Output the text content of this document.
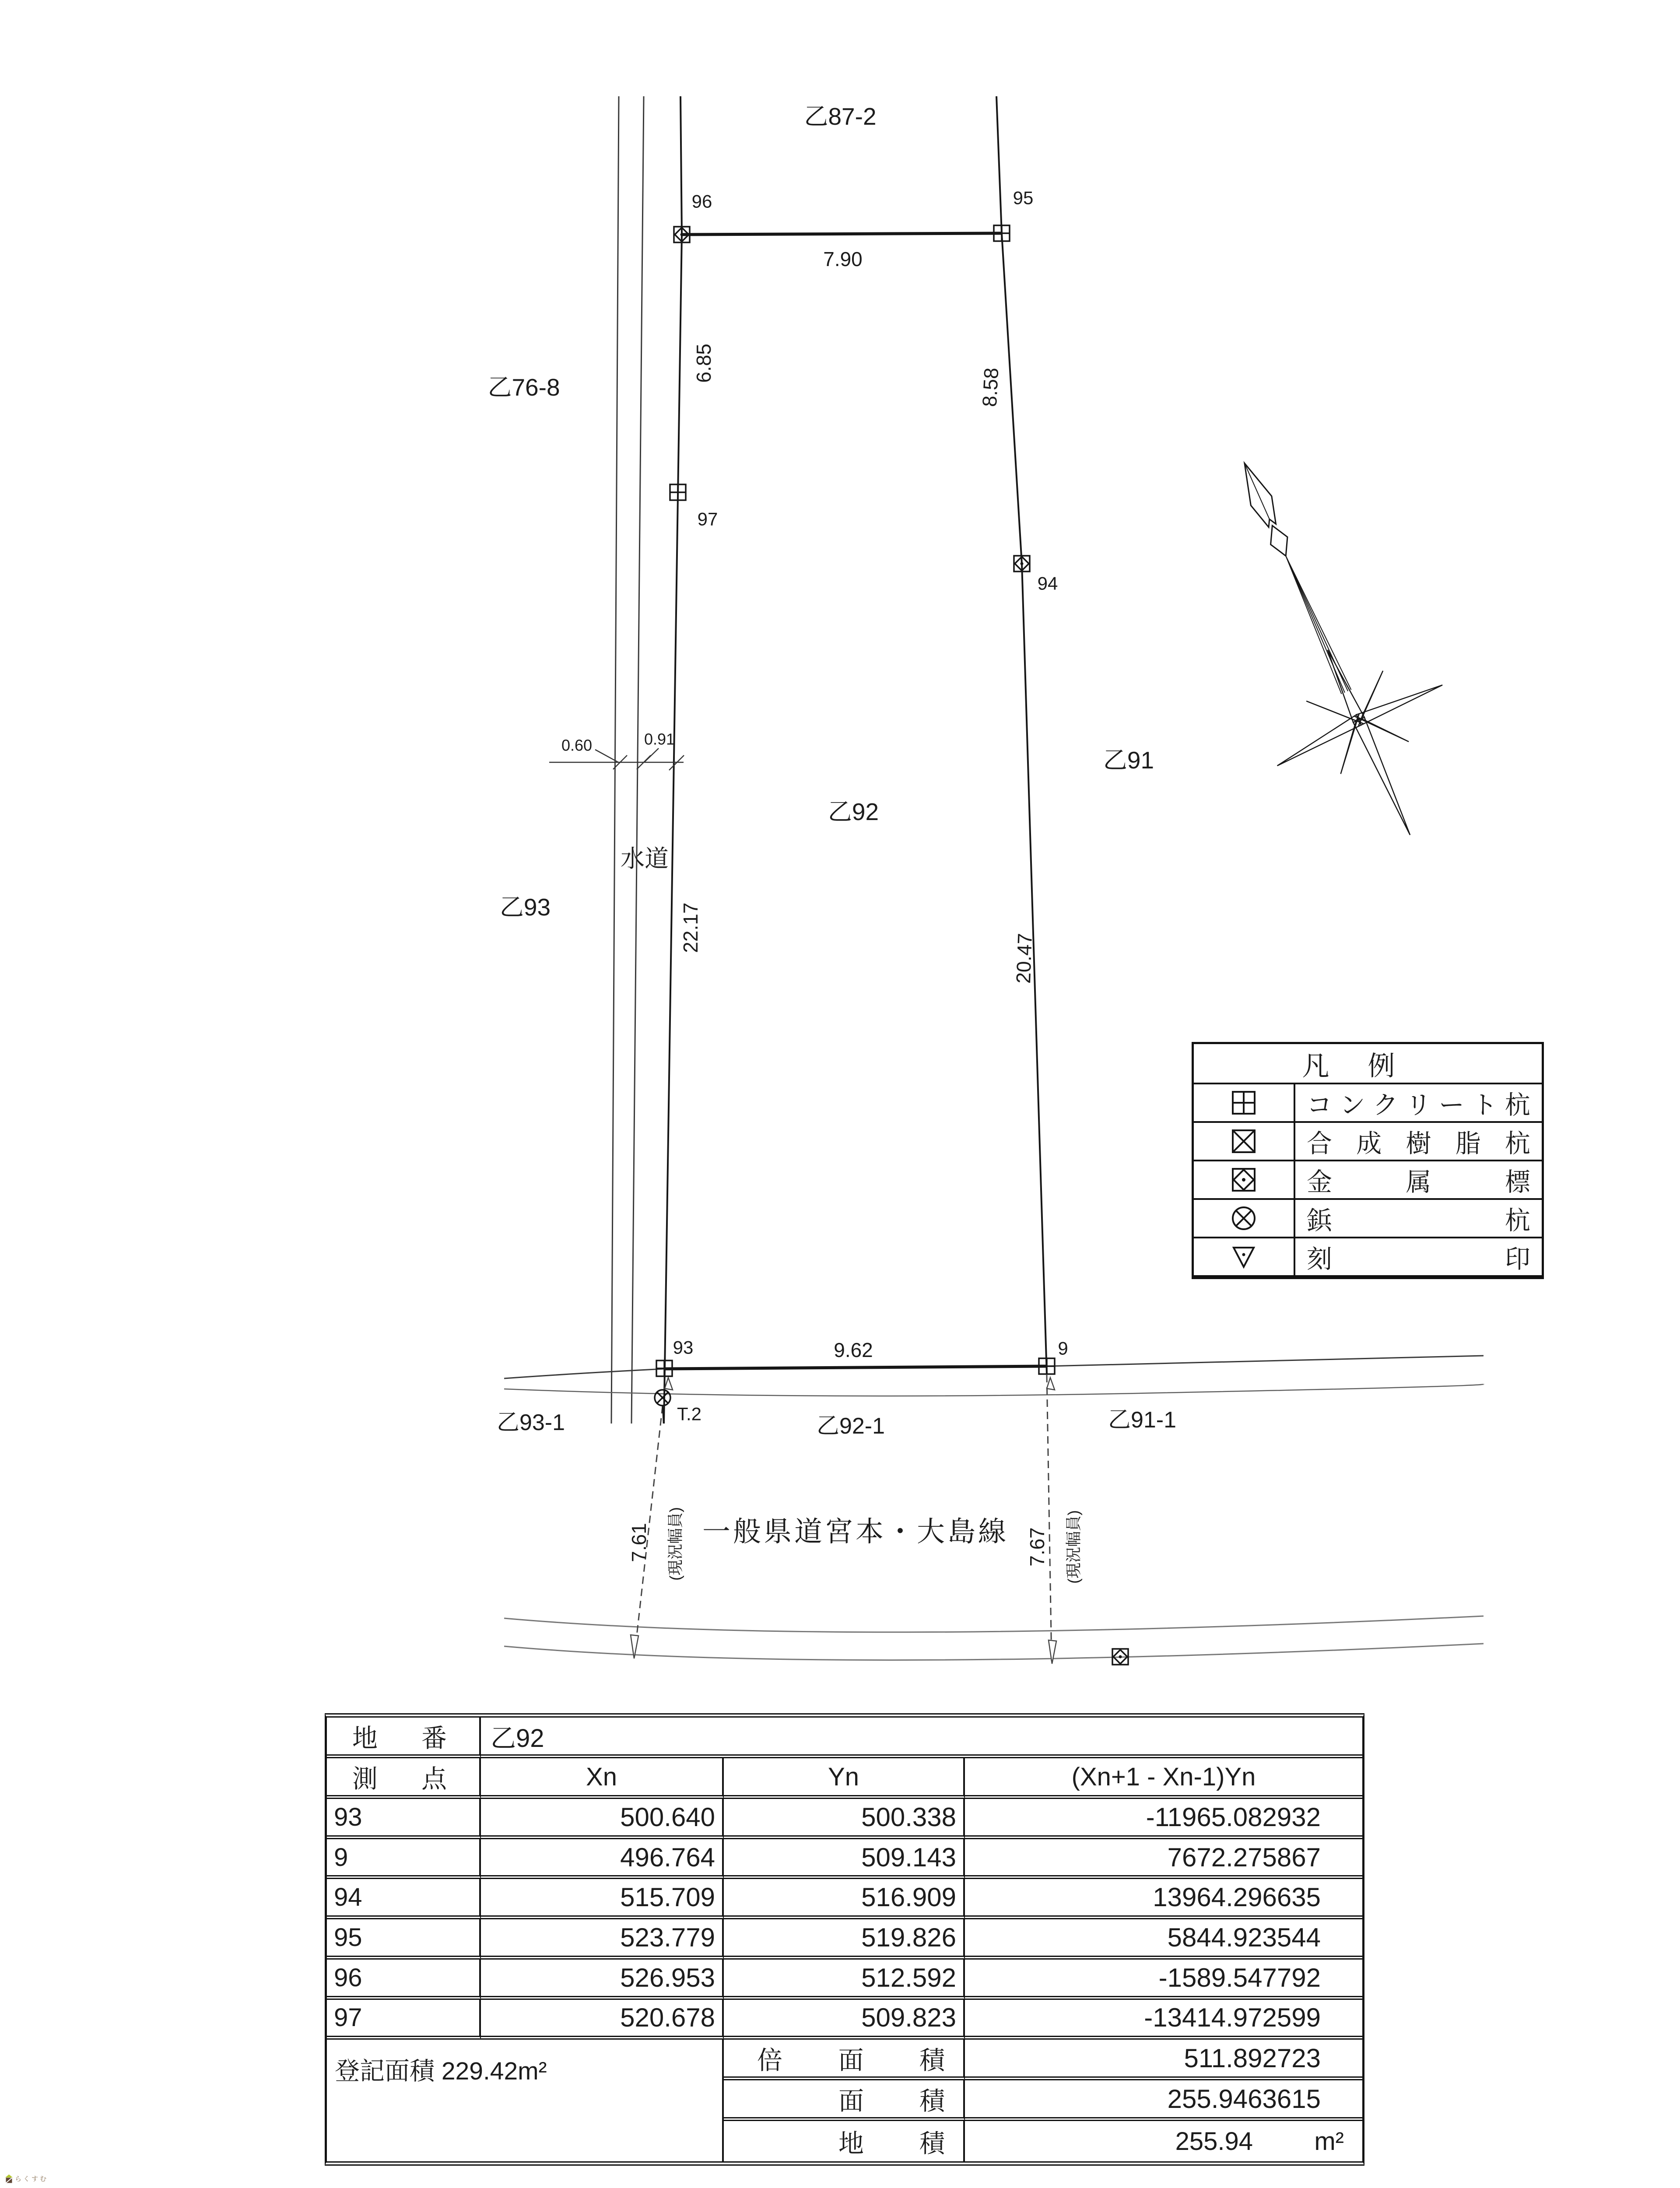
乙87-2
乙76-8
乙91
乙92
乙93
乙93-1	乙92-1	乙91-1
水道
一般県道宮本・大島線
7.90
9.62
0.60	0.91
6.85
22.17
8.58
20.47
7.61 (現況幅員)	7.67 (現況幅員)
96	95
97
94
93	9
T.2
凡	例
コ ン ク リ ー ト 杭
合 成 樹 脂 杭
金	属	標
鋲	杭
刻	印
地 番	乙92
測 点	Xn	Yn	(Xn+1 - Xn-1)Yn
93	500.640	500.338	-11965.082932
9	496.764	509.143	7672.275867
94	515.709	516.909	13964.296635
95	523.779	519.826	5844.923544
96	526.953	512.592	-1589.547792
97	520.678	509.823	-13414.972599
登記面積 229.42m²	倍 面 積	511.892723
面 積	255.9463615
地 積	255.94 m²
らくすむ
